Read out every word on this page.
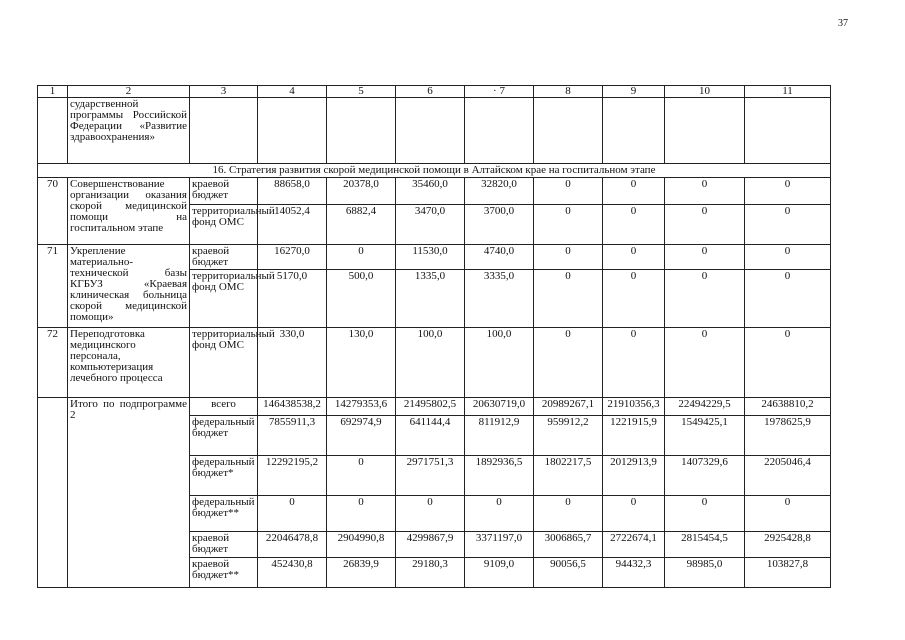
37
1	2	3	4	5	6	· 7	8	9	10	11
	сударственной программы Российской Федерации «Развитие здравоохранения»									
16. Стратегия развития скорой медицинской помощи в Алтайском крае на госпитальном этапе										
70	Совершенствование организации оказания скорой медицинской помощи на госпитальном этапе	краевой бюджет	88658,0	20378,0	35460,0	32820,0	0	0	0	0
		территориальный фонд ОМС	14052,4	6882,4	3470,0	3700,0	0	0	0	0
71	Укрепление материально-технической базы КГБУЗ «Краевая клиническая больница скорой медицинской помощи»	краевой бюджет	16270,0	0	11530,0	4740,0	0	0	0	0
		территориальный фонд ОМС	5170,0	500,0	1335,0	3335,0	0	0	0	0
72	Переподготовка медицинского персонала, компьютеризация лечебного процесса	территориальный фонд ОМС	330,0	130,0	100,0	100,0	0	0	0	0
	Итого по подпрограмме 2	всего	146438538,2	14279353,6	21495802,5	20630719,0	20989267,1	21910356,3	22494229,5	24638810,2
		федеральный бюджет	7855911,3	692974,9	641144,4	811912,9	959912,2	1221915,9	1549425,1	1978625,9
		федеральный бюджет*	12292195,2	0	2971751,3	1892936,5	1802217,5	2012913,9	1407329,6	2205046,4
		федеральный бюджет**	0	0	0	0	0	0	0	0
		краевой бюджет	22046478,8	2904990,8	4299867,9	3371197,0	3006865,7	2722674,1	2815454,5	2925428,8
		краевой бюджет**	452430,8	26839,9	29180,3	9109,0	90056,5	94432,3	98985,0	103827,8
